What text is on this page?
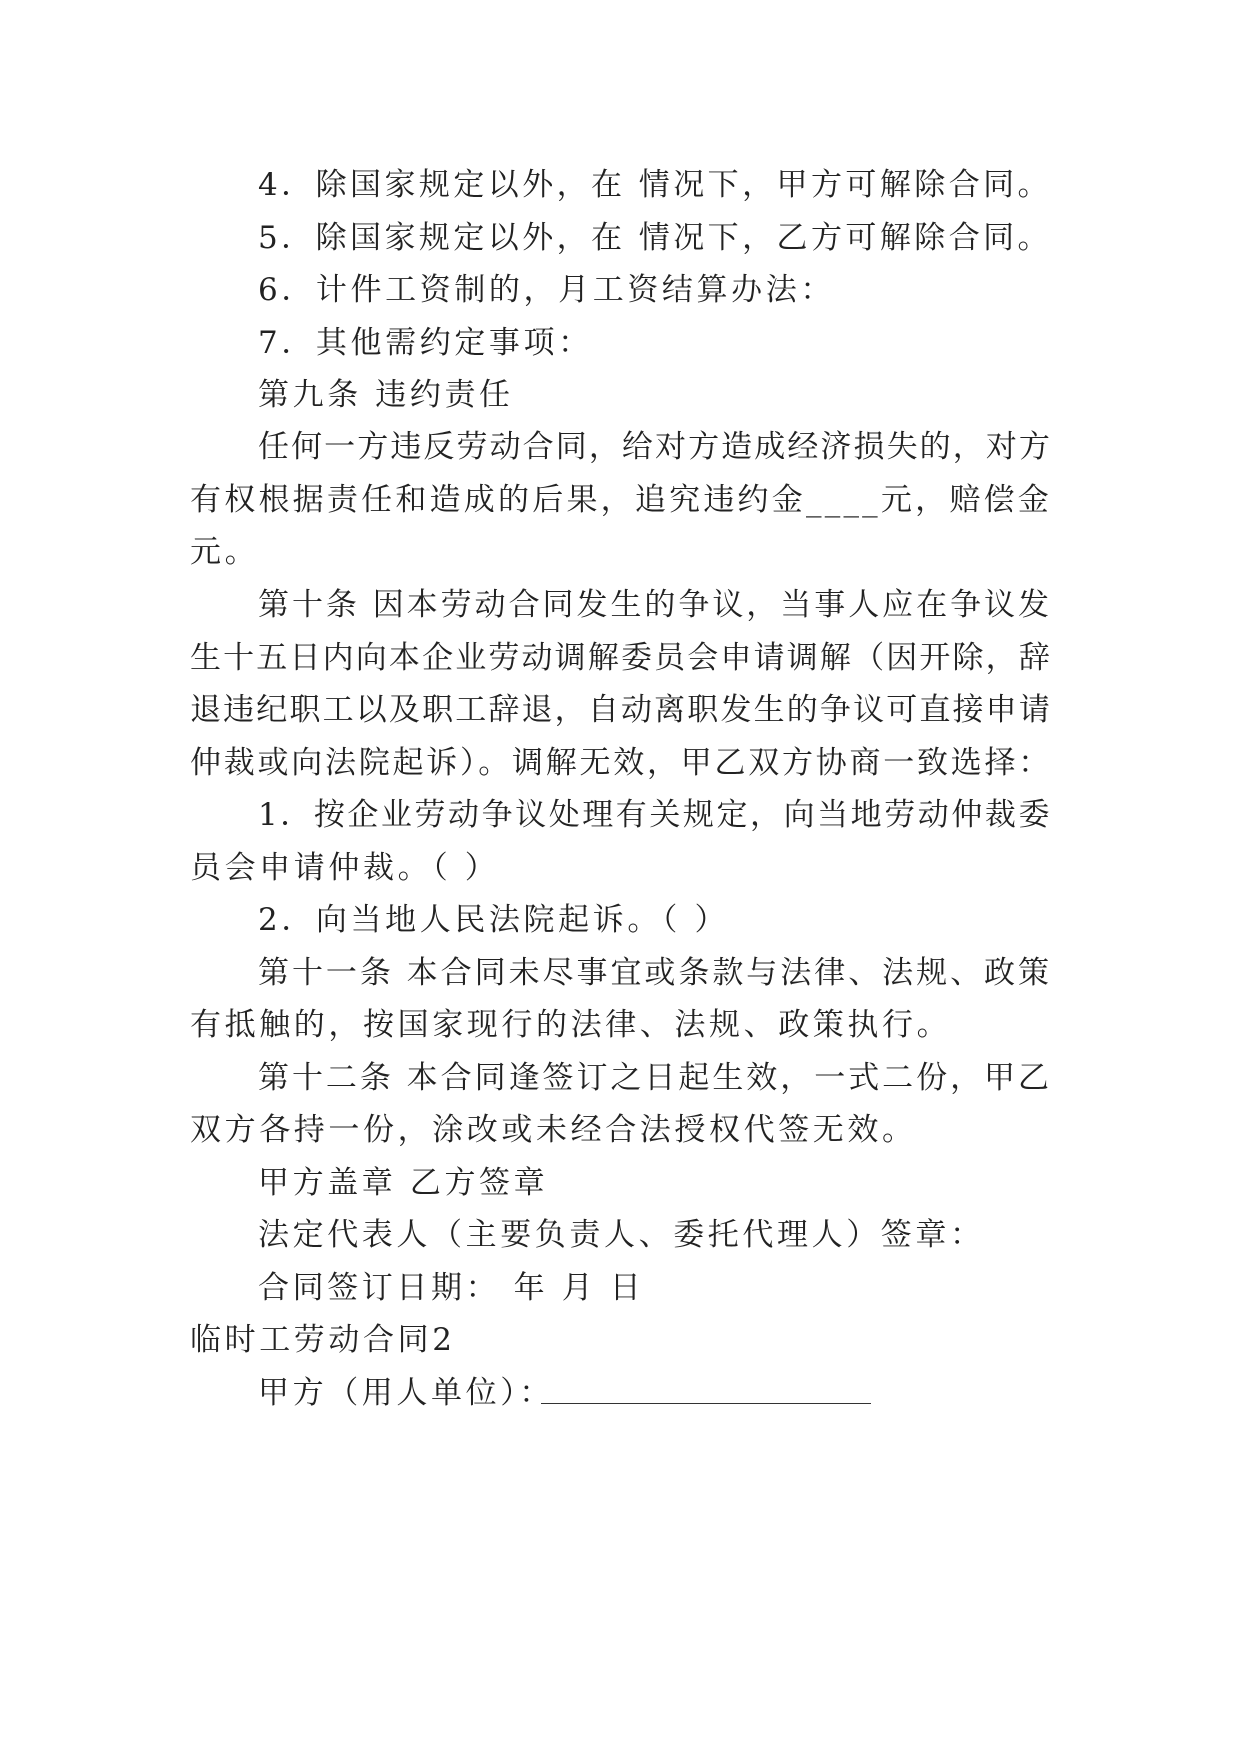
4．除国家规定以外，在 情况下，甲方可解除合同。
5．除国家规定以外，在 情况下，乙方可解除合同。
6．计件工资制的，月工资结算办法：
7．其他需约定事项：
第九条 违约责任
任何一方违反劳动合同，给对方造成经济损失的，对方
有权根据责任和造成的后果，追究违约金____元，赔偿金
元。
第十条 因本劳动合同发生的争议，当事人应在争议发
生十五日内向本企业劳动调解委员会申请调解（因开除，辞
退违纪职工以及职工辞退，自动离职发生的争议可直接申请
仲裁或向法院起诉）。调解无效，甲乙双方协商一致选择：
1．按企业劳动争议处理有关规定，向当地劳动仲裁委
员会申请仲裁。（ ）
2．向当地人民法院起诉。（ ）
第十一条 本合同未尽事宜或条款与法律、法规、政策
有抵触的，按国家现行的法律、法规、政策执行。
第十二条 本合同逢签订之日起生效，一式二份，甲乙
双方各持一份，涂改或未经合法授权代签无效。
甲方盖章 乙方签章
法定代表人（主要负责人、委托代理人）签章：
合同签订日期： 年 月 日
临时工劳动合同2
甲方（用人单位）：
